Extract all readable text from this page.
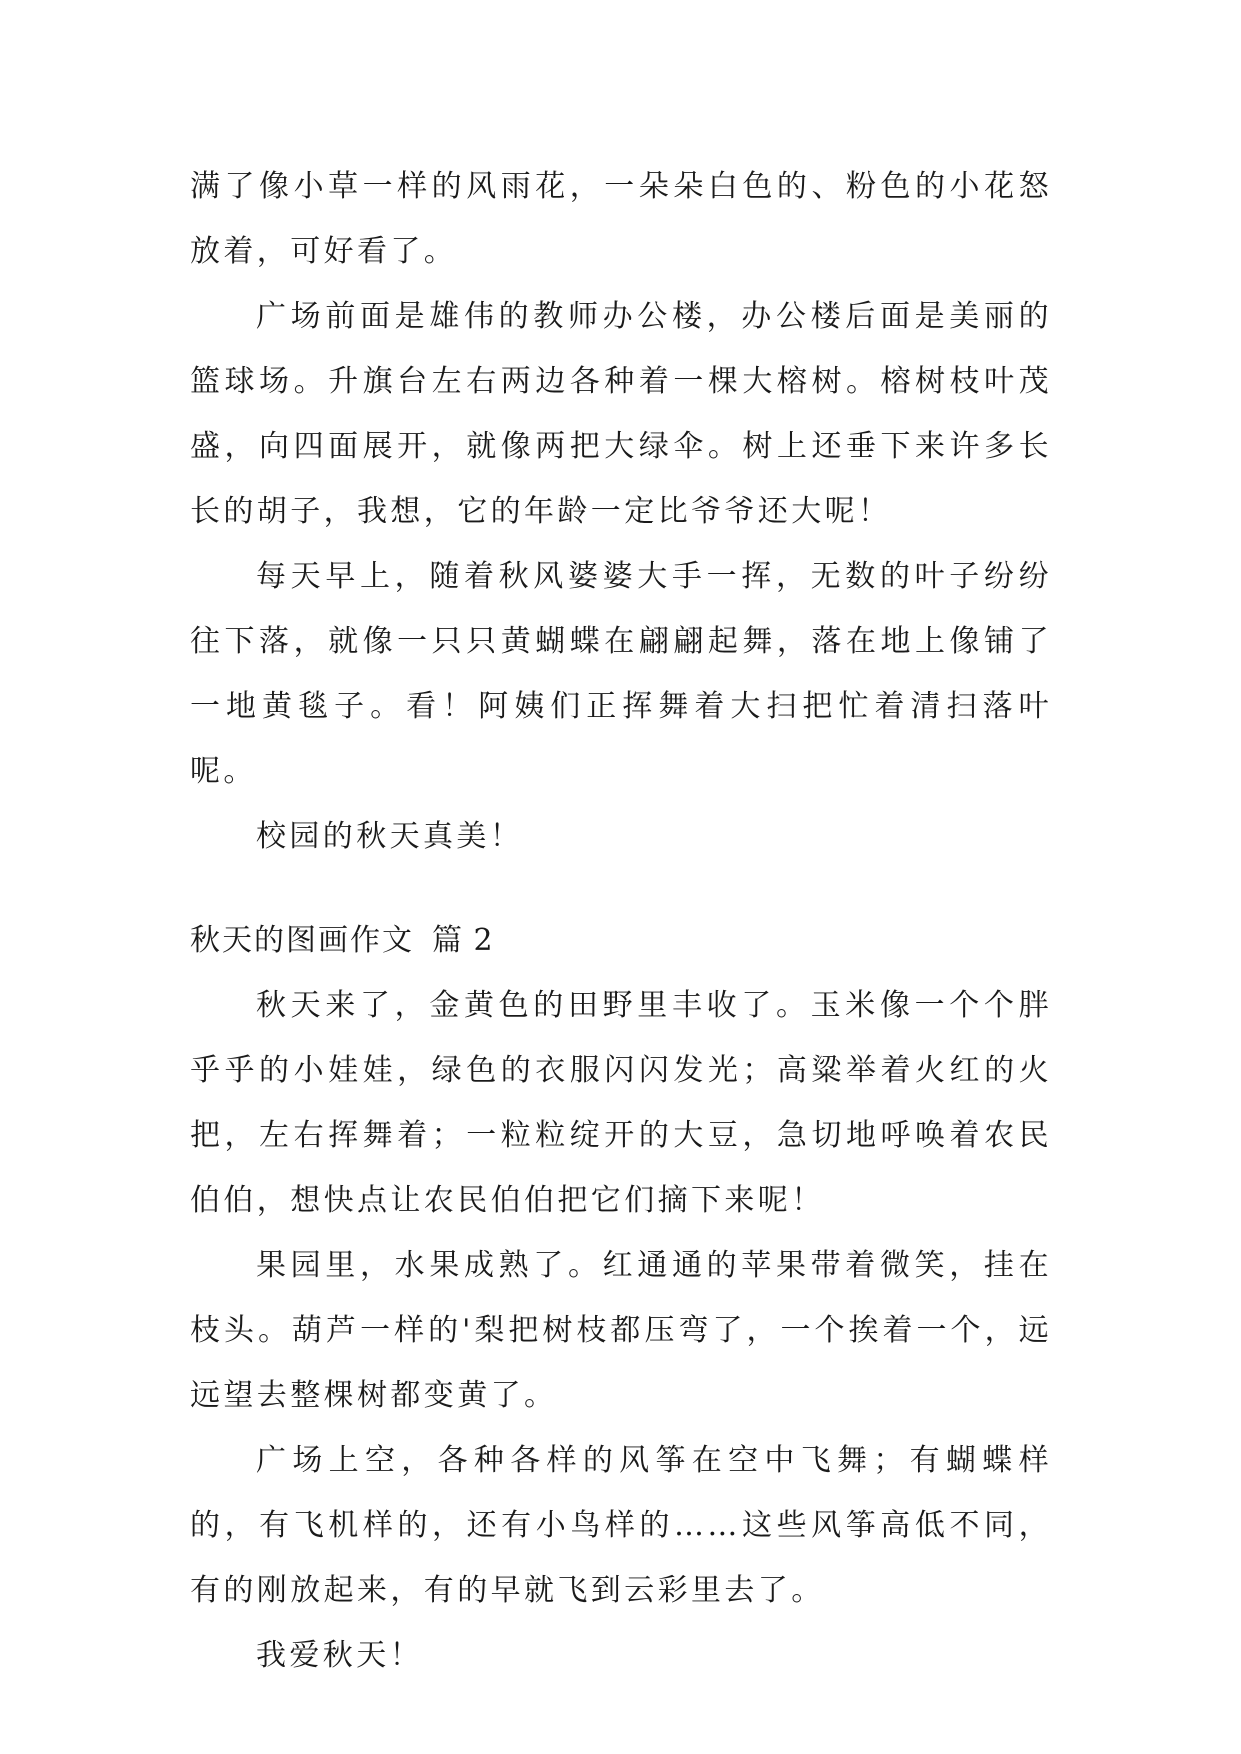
满了像小草一样的风雨花，一朵朵白色的、粉色的小花怒放着，可好看了。

广场前面是雄伟的教师办公楼，办公楼后面是美丽的篮球场。升旗台左右两边各种着一棵大榕树。榕树枝叶茂盛，向四面展开，就像两把大绿伞。树上还垂下来许多长长的胡子，我想，它的年龄一定比爷爷还大呢！

每天早上，随着秋风婆婆大手一挥，无数的叶子纷纷往下落，就像一只只黄蝴蝶在翩翩起舞，落在地上像铺了一地黄毯子。看！阿姨们正挥舞着大扫把忙着清扫落叶呢。

校园的秋天真美！

秋天的图画作文 篇 2

秋天来了，金黄色的田野里丰收了。玉米像一个个胖乎乎的小娃娃，绿色的衣服闪闪发光；高粱举着火红的火把，左右挥舞着；一粒粒绽开的大豆，急切地呼唤着农民伯伯，想快点让农民伯伯把它们摘下来呢！

果园里，水果成熟了。红通通的苹果带着微笑，挂在枝头。葫芦一样的'梨把树枝都压弯了，一个挨着一个，远远望去整棵树都变黄了。

广场上空，各种各样的风筝在空中飞舞；有蝴蝶样的，有飞机样的，还有小鸟样的……这些风筝高低不同，有的刚放起来，有的早就飞到云彩里去了。

我爱秋天！
